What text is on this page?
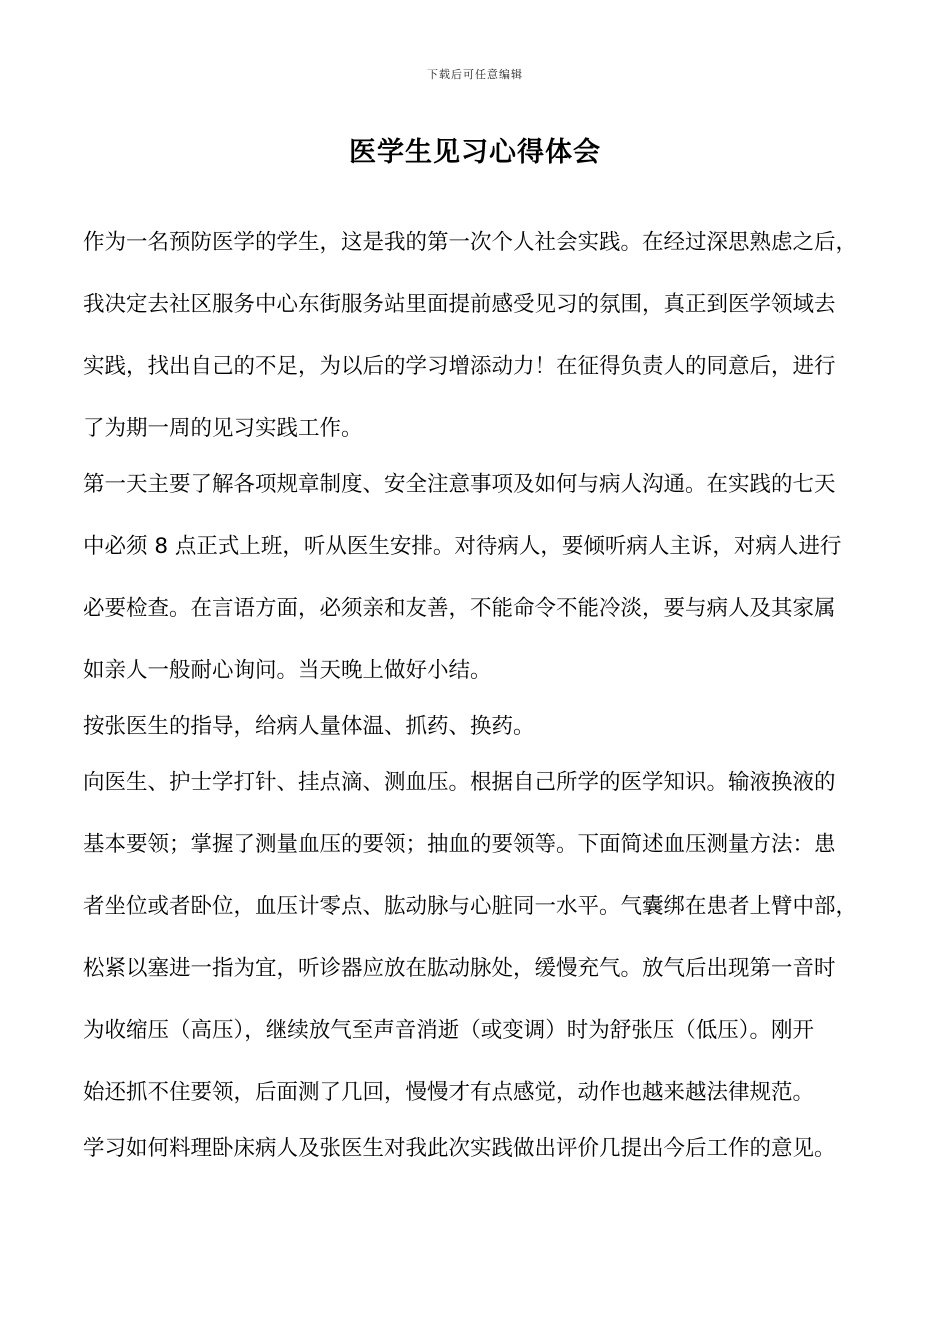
下载后可任意编辑
医学生见习心得体会

作为一名预防医学的学生，这是我的第一次个人社会实践。在经过深思熟虑之后，

我决定去社区服务中心东街服务站里面提前感受见习的氛围，真正到医学领域去

实践，找出自己的不足，为以后的学习增添动力！在征得负责人的同意后，进行

了为期一周的见习实践工作。

第一天主要了解各项规章制度、安全注意事项及如何与病人沟通。在实践的七天

中必须 8 点正式上班，听从医生安排。对待病人，要倾听病人主诉，对病人进行

必要检查。在言语方面，必须亲和友善，不能命令不能冷淡，要与病人及其家属

如亲人一般耐心询问。当天晚上做好小结。

按张医生的指导，给病人量体温、抓药、换药。

向医生、护士学打针、挂点滴、测血压。根据自己所学的医学知识。输液换液的

基本要领；掌握了测量血压的要领；抽血的要领等。下面简述血压测量方法：患

者坐位或者卧位，血压计零点、肱动脉与心脏同一水平。气囊绑在患者上臂中部，

松紧以塞进一指为宜，听诊器应放在肱动脉处，缓慢充气。放气后出现第一音时

为收缩压（高压），继续放气至声音消逝（或变调）时为舒张压（低压）。刚开

始还抓不住要领，后面测了几回，慢慢才有点感觉，动作也越来越法律规范。

学习如何料理卧床病人及张医生对我此次实践做出评价几提出今后工作的意见。
